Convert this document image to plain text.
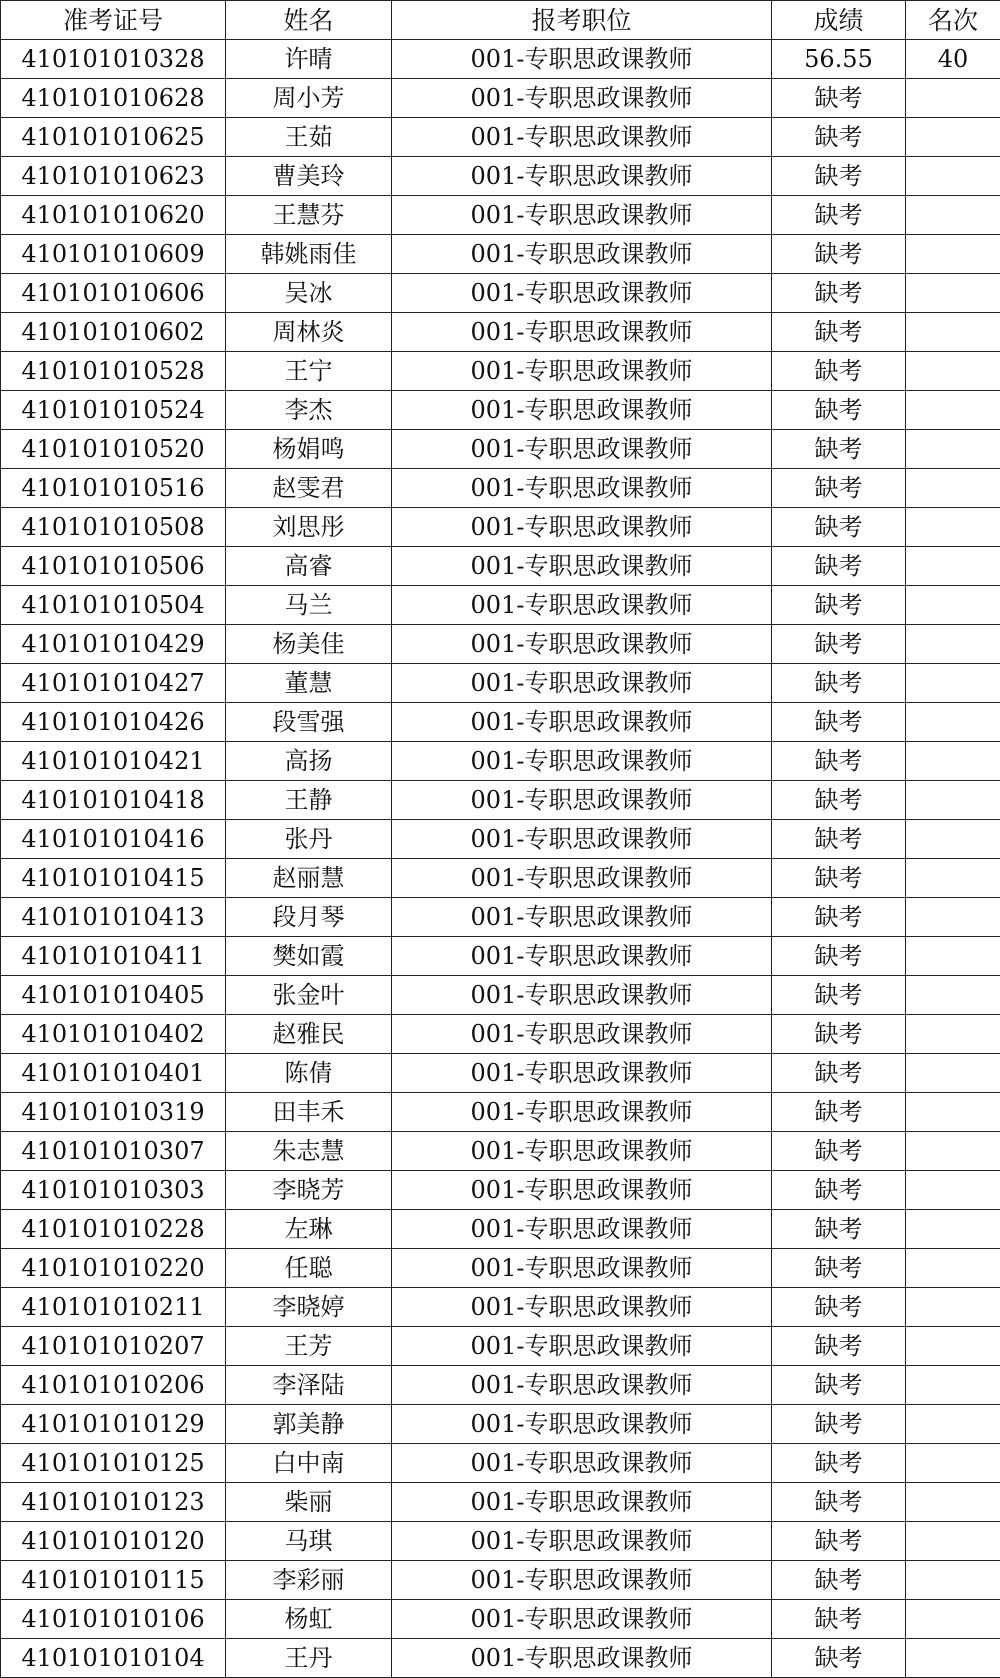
准考证号	姓名	报考职位	成绩	名次
410101010328	许晴	001-专职思政课教师	56.55	40
410101010628	周小芳	001-专职思政课教师	缺考	
410101010625	王茹	001-专职思政课教师	缺考	
410101010623	曹美玲	001-专职思政课教师	缺考	
410101010620	王慧芬	001-专职思政课教师	缺考	
410101010609	韩姚雨佳	001-专职思政课教师	缺考	
410101010606	吴冰	001-专职思政课教师	缺考	
410101010602	周林炎	001-专职思政课教师	缺考	
410101010528	王宁	001-专职思政课教师	缺考	
410101010524	李杰	001-专职思政课教师	缺考	
410101010520	杨娟鸣	001-专职思政课教师	缺考	
410101010516	赵雯君	001-专职思政课教师	缺考	
410101010508	刘思彤	001-专职思政课教师	缺考	
410101010506	高睿	001-专职思政课教师	缺考	
410101010504	马兰	001-专职思政课教师	缺考	
410101010429	杨美佳	001-专职思政课教师	缺考	
410101010427	董慧	001-专职思政课教师	缺考	
410101010426	段雪强	001-专职思政课教师	缺考	
410101010421	高扬	001-专职思政课教师	缺考	
410101010418	王静	001-专职思政课教师	缺考	
410101010416	张丹	001-专职思政课教师	缺考	
410101010415	赵丽慧	001-专职思政课教师	缺考	
410101010413	段月琴	001-专职思政课教师	缺考	
410101010411	樊如霞	001-专职思政课教师	缺考	
410101010405	张金叶	001-专职思政课教师	缺考	
410101010402	赵雅民	001-专职思政课教师	缺考	
410101010401	陈倩	001-专职思政课教师	缺考	
410101010319	田丰禾	001-专职思政课教师	缺考	
410101010307	朱志慧	001-专职思政课教师	缺考	
410101010303	李晓芳	001-专职思政课教师	缺考	
410101010228	左琳	001-专职思政课教师	缺考	
410101010220	任聪	001-专职思政课教师	缺考	
410101010211	李晓婷	001-专职思政课教师	缺考	
410101010207	王芳	001-专职思政课教师	缺考	
410101010206	李泽陆	001-专职思政课教师	缺考	
410101010129	郭美静	001-专职思政课教师	缺考	
410101010125	白中南	001-专职思政课教师	缺考	
410101010123	柴丽	001-专职思政课教师	缺考	
410101010120	马琪	001-专职思政课教师	缺考	
410101010115	李彩丽	001-专职思政课教师	缺考	
410101010106	杨虹	001-专职思政课教师	缺考	
410101010104	王丹	001-专职思政课教师	缺考	
